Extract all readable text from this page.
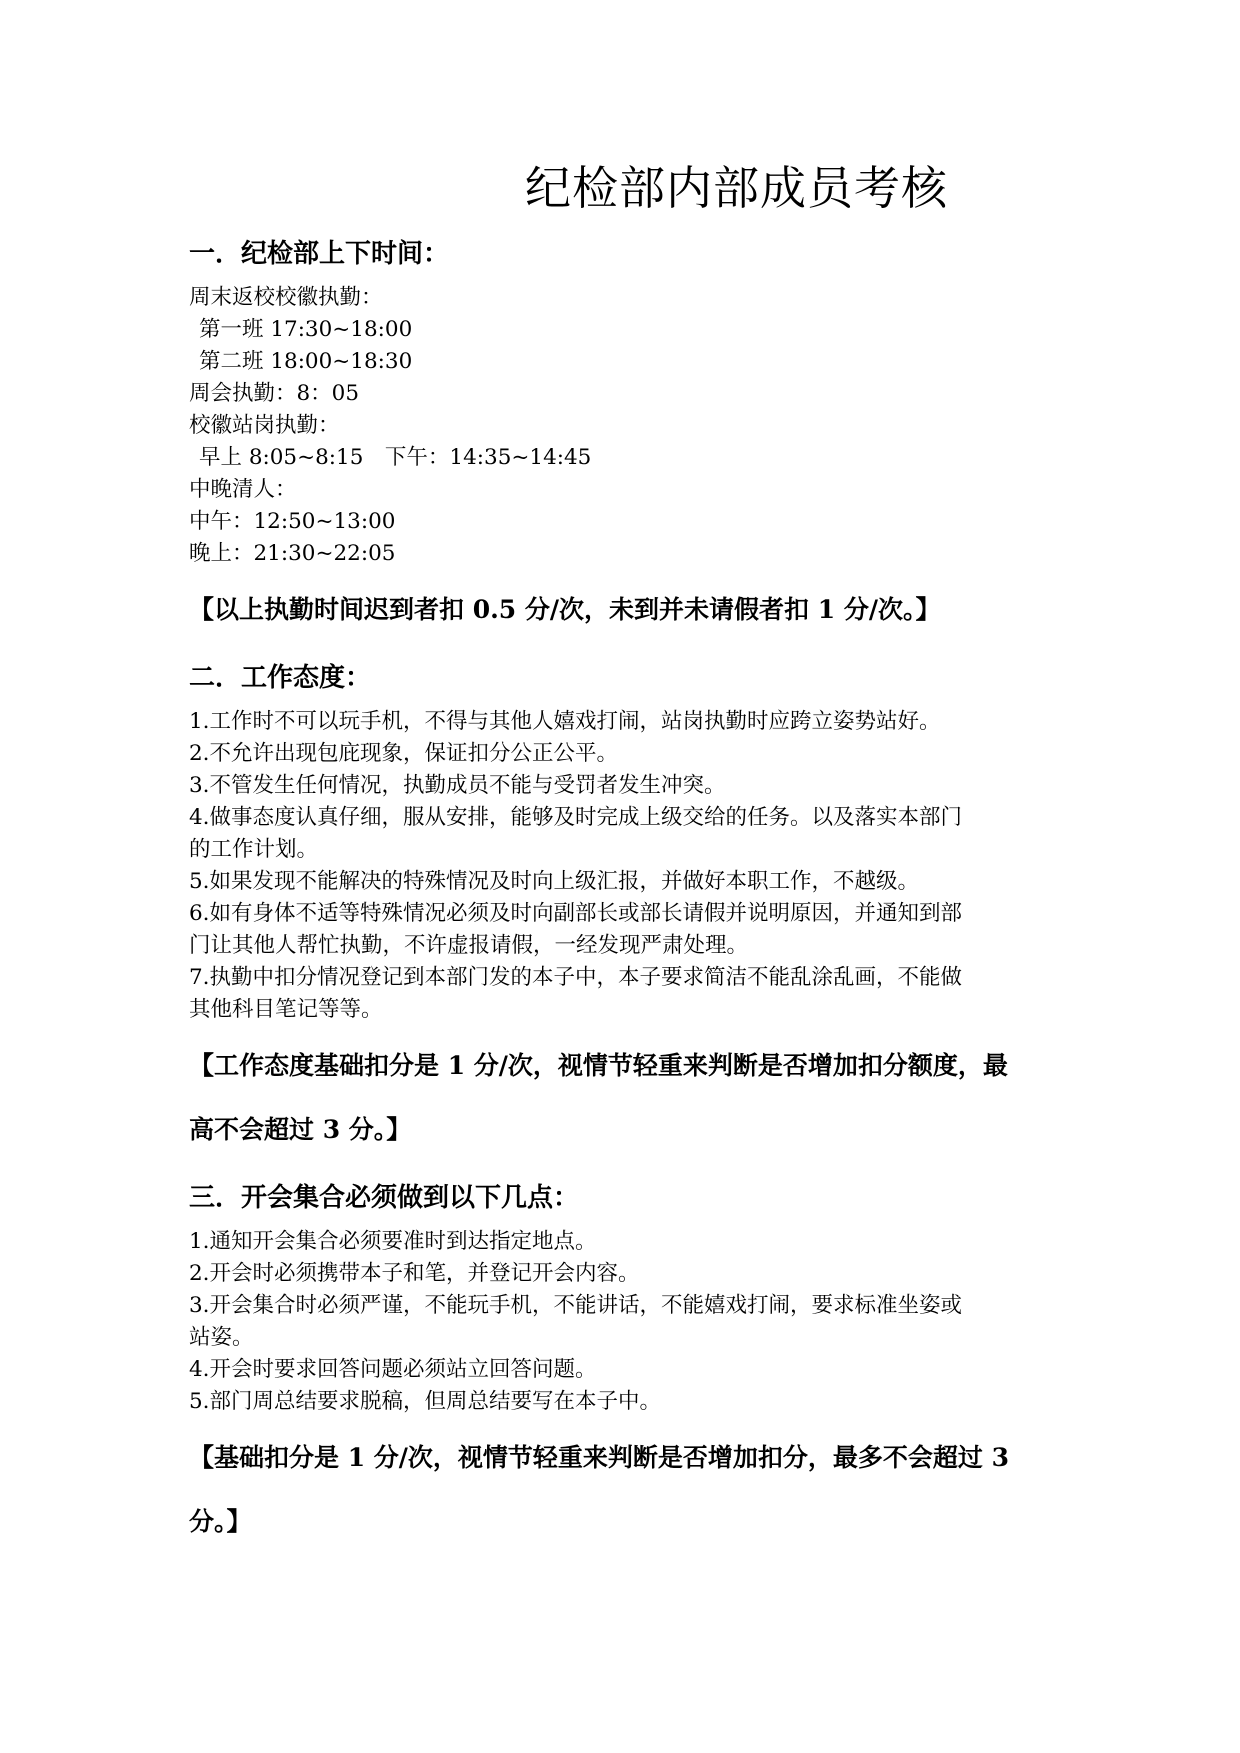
纪检部内部成员考核
一．纪检部上下时间：

周末返校校徽执勤：

第一班 17:30~18:00

第二班 18:00~18:30

周会执勤：8：05

校徽站岗执勤：

早上 8:05~8:15　下午：14:35~14:45

中晚清人：

中午：12:50~13:00

晚上：21:30~22:05

【以上执勤时间迟到者扣 0.5 分/次，未到并未请假者扣 1 分/次。】

二．工作态度：

1.工作时不可以玩手机，不得与其他人嬉戏打闹，站岗执勤时应跨立姿势站好。

2.不允许出现包庇现象，保证扣分公正公平。

3.不管发生任何情况，执勤成员不能与受罚者发生冲突。

4.做事态度认真仔细，服从安排，能够及时完成上级交给的任务。以及落实本部门

的工作计划。

5.如果发现不能解决的特殊情况及时向上级汇报，并做好本职工作，不越级。

6.如有身体不适等特殊情况必须及时向副部长或部长请假并说明原因，并通知到部

门让其他人帮忙执勤，不许虚报请假，一经发现严肃处理。

7.执勤中扣分情况登记到本部门发的本子中，本子要求简洁不能乱涂乱画，不能做

其他科目笔记等等。

【工作态度基础扣分是 1 分/次，视情节轻重来判断是否增加扣分额度，最

高不会超过 3 分。】

三．开会集合必须做到以下几点：

1.通知开会集合必须要准时到达指定地点。

2.开会时必须携带本子和笔，并登记开会内容。

3.开会集合时必须严谨，不能玩手机，不能讲话，不能嬉戏打闹，要求标准坐姿或

站姿。

4.开会时要求回答问题必须站立回答问题。

5.部门周总结要求脱稿，但周总结要写在本子中。

【基础扣分是 1 分/次，视情节轻重来判断是否增加扣分，最多不会超过 3

分。】
